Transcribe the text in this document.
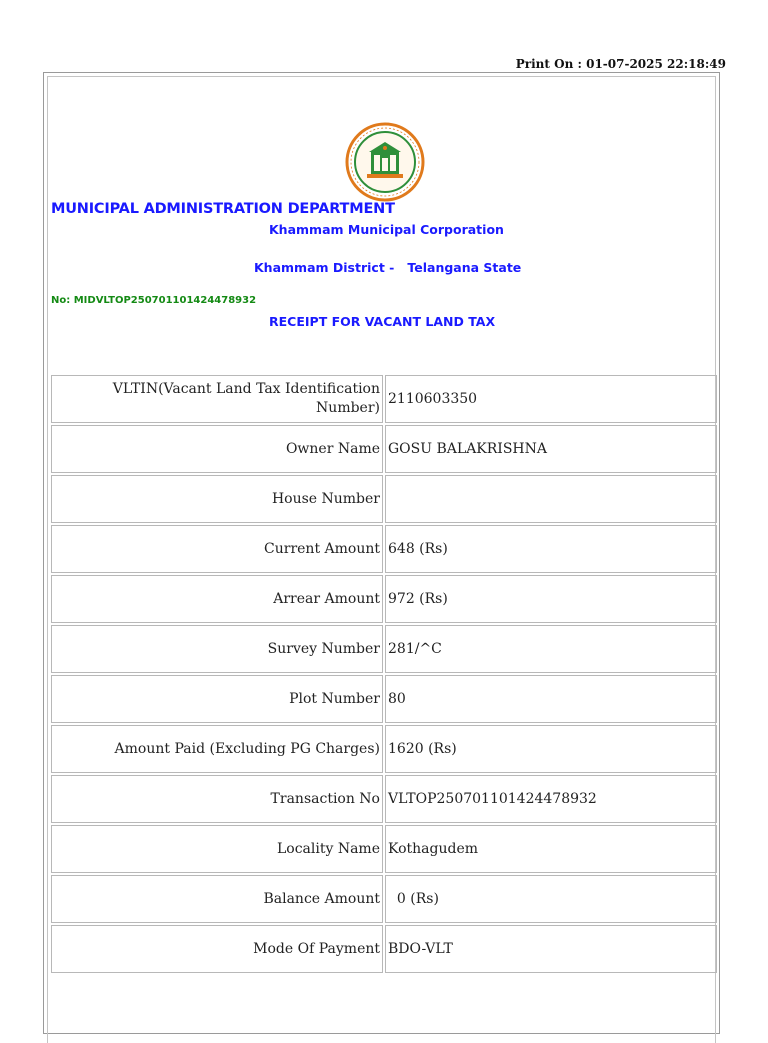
Print On : 01-07-2025 22:18:49
MUNICIPAL ADMINISTRATION DEPARTMENT
Khammam Municipal Corporation
Khammam District -   Telangana State
No: MIDVLTOP250701101424478932
RECEIPT FOR VACANT LAND TAX
VLTIN(Vacant Land Tax Identification Number)	2110603350
Owner Name	GOSU BALAKRISHNA
House Number	
Current Amount	648 (Rs)
Arrear Amount	972 (Rs)
Survey Number	281/^C
Plot Number	80
Amount Paid (Excluding PG Charges)	1620 (Rs)
Transaction No	VLTOP250701101424478932
Locality Name	Kothagudem
Balance Amount	0 (Rs)
Mode Of Payment	BDO-VLT
